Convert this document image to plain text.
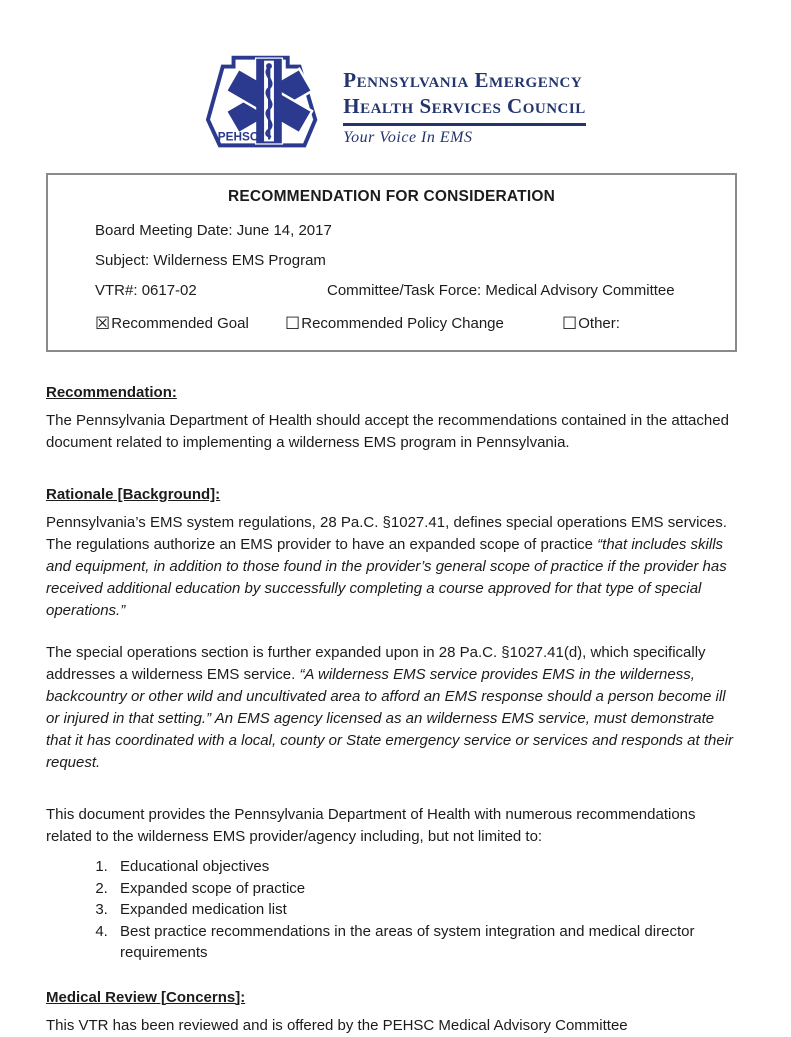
PEHSC
Pennsylvania Emergency
Health Services Council
Your Voice In EMS
RECOMMENDATION FOR CONSIDERATION
Board Meeting Date: June 14, 2017
Subject: Wilderness EMS Program
VTR#: 0617-02	Committee/Task Force: Medical Advisory Committee
☒Recommended Goal	☐Recommended Policy Change	☐Other:
Recommendation:
The Pennsylvania Department of Health should accept the recommendations contained in the attached document related to implementing a wilderness EMS program in Pennsylvania.
Rationale [Background]:
Pennsylvania’s EMS system regulations, 28 Pa.C. §1027.41, defines special operations EMS services. The regulations authorize an EMS provider to have an expanded scope of practice “that includes skills and equipment, in addition to those found in the provider’s general scope of practice if the provider has received additional education by successfully completing a course approved for that type of special operations.”
The special operations section is further expanded upon in 28 Pa.C. §1027.41(d), which specifically addresses a wilderness EMS service. “A wilderness EMS service provides EMS in the wilderness, backcountry or other wild and uncultivated area to afford an EMS response should a person become ill or injured in that setting.” An EMS agency licensed as an wilderness EMS service, must demonstrate that it has coordinated with a local, county or State emergency service or services and responds at their request.
This document provides the Pennsylvania Department of Health with numerous recommendations related to the wilderness EMS provider/agency including, but not limited to:
1. Educational objectives
2. Expanded scope of practice
3. Expanded medication list
4. Best practice recommendations in the areas of system integration and medical director requirements
Medical Review [Concerns]:
This VTR has been reviewed and is offered by the PEHSC Medical Advisory Committee
